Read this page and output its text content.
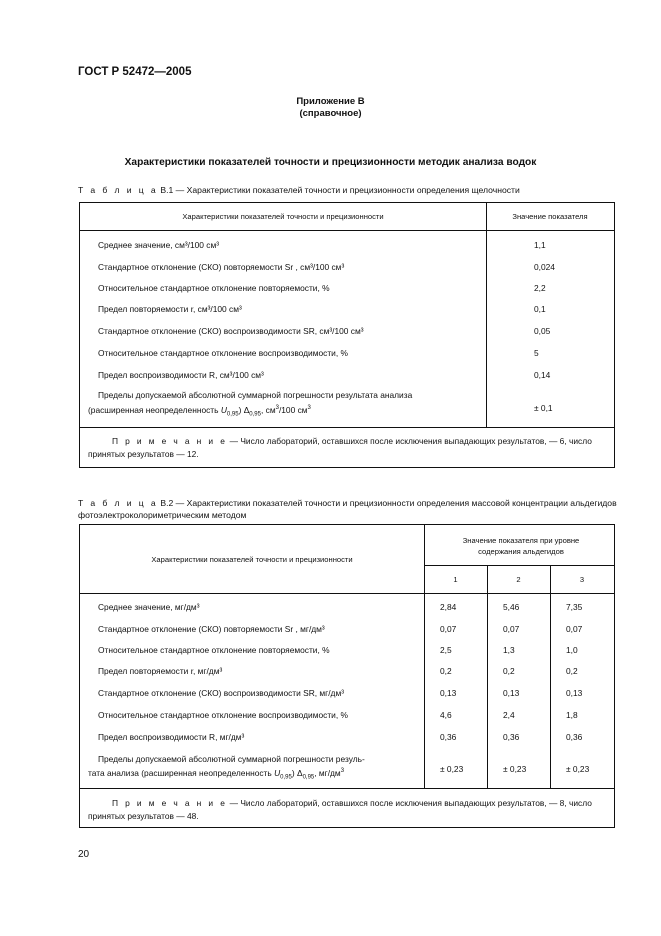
ГОСТ Р 52472—2005
Приложение В
(справочное)
Характеристики показателей точности и прецизионности методик анализа водок
Т а б л и ц а В.1 — Характеристики показателей точности и прецизионности определения щелочности
Характеристики показателей точности и прецизионности	Значение показателя
Среднее значение, см³/100 см³	1,1
Стандартное отклонение (СКО) повторяемости Sr , см³/100 см³	0,024
Относительное стандартное отклонение повторяемости, %	2,2
Предел повторяемости r, см³/100 см³	0,1
Стандартное отклонение (СКО) воспроизводимости SR, см³/100 см³	0,05
Относительное стандартное отклонение воспроизводимости, %	5
Предел воспроизводимости R, см³/100 см³	0,14
Пределы допускаемой абсолютной суммарной погрешности результата анализа
(расширенная неопределенность $U_{0,95}$) $\Delta_{0,95}$, $см^3/100$ $см^3$	± 0,1
П р и м е ч а н и е — Число лабораторий, оставшихся после исключения выпадающих результатов, — 6, число принятых результатов — 12.
Т а б л и ц а В.2 — Характеристики показателей точности и прецизионности определения массовой концентрации альдегидов фотоэлектроколориметрическим методом
Характеристики показателей точности и прецизионности
Значение показателя при уровне содержания альдегидов
1	2	3
Среднее значение, мг/дм³	2,84	5,46	7,35
Стандартное отклонение (СКО) повторяемости Sr , мг/дм³	0,07	0,07	0,07
Относительное стандартное отклонение повторяемости, %	2,5	1,3	1,0
Предел повторяемости r, мг/дм³	0,2	0,2	0,2
Стандартное отклонение (СКО) воспроизводимости SR, мг/дм³	0,13	0,13	0,13
Относительное стандартное отклонение воспроизводимости, %	4,6	2,4	1,8
Предел воспроизводимости R, мг/дм³	0,36	0,36	0,36
Пределы допускаемой абсолютной суммарной погрешности резуль-
тата анализа (расширенная неопределенность $U_{0,95}$) $\Delta_{0,95}$, $мг/дм^3$	± 0,23	± 0,23	± 0,23
П р и м е ч а н и е — Число лабораторий, оставшихся после исключения выпадающих результатов, — 8, число принятых результатов — 48.
20
